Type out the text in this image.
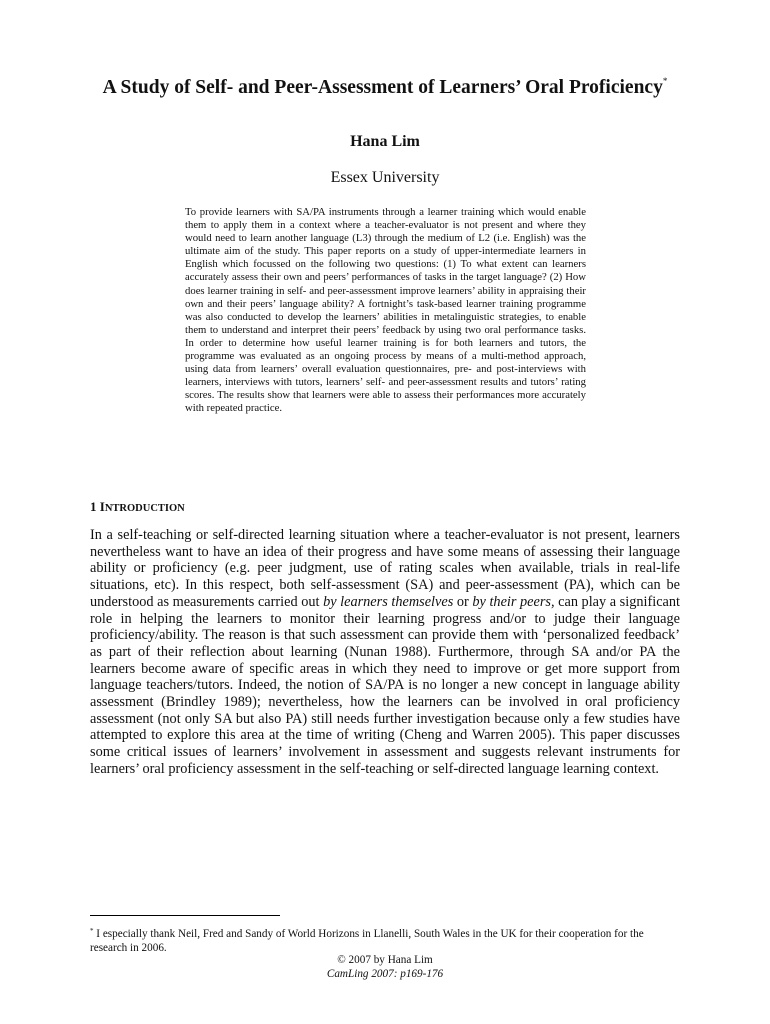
A Study of Self- and Peer-Assessment of Learners’ Oral Proficiency*
Hana Lim
Essex University
To provide learners with SA/PA instruments through a learner training which would enable them to apply them in a context where a teacher-evaluator is not present and where they would need to learn another language (L3) through the medium of L2 (i.e. English) was the ultimate aim of the study. This paper reports on a study of upper-intermediate learners in English which focussed on the following two questions: (1) To what extent can learners accurately assess their own and peers’ performances of tasks in the target language? (2) How does learner training in self- and peer-assessment improve learners’ ability in appraising their own and their peers’ language ability? A fortnight’s task-based learner training programme was also conducted to develop the learners’ abilities in metalinguistic strategies, to enable them to understand and interpret their peers’ feedback by using two oral performance tasks. In order to determine how useful learner training is for both learners and tutors, the programme was evaluated as an ongoing process by means of a multi-method approach, using data from learners’ overall evaluation questionnaires, pre- and post-interviews with learners, interviews with tutors, learners’ self- and peer-assessment results and tutors’ rating scores. The results show that learners were able to assess their performances more accurately with repeated practice.
1 INTRODUCTION
In a self-teaching or self-directed learning situation where a teacher-evaluator is not present, learners nevertheless want to have an idea of their progress and have some means of assessing their language ability or proficiency (e.g. peer judgment, use of rating scales when available, trials in real-life situations, etc). In this respect, both self-assessment (SA) and peer-assessment (PA), which can be understood as measurements carried out by learners themselves or by their peers, can play a significant role in helping the learners to monitor their learning progress and/or to judge their language proficiency/ability. The reason is that such assessment can provide them with ‘personalized feedback’ as part of their reflection about learning (Nunan 1988). Furthermore, through SA and/or PA the learners become aware of specific areas in which they need to improve or get more support from language teachers/tutors. Indeed, the notion of SA/PA is no longer a new concept in language ability assessment (Brindley 1989); nevertheless, how the learners can be involved in oral proficiency assessment (not only SA but also PA) still needs further investigation because only a few studies have attempted to explore this area at the time of writing (Cheng and Warren 2005). This paper discusses some critical issues of learners’ involvement in assessment and suggests relevant instruments for learners’ oral proficiency assessment in the self-teaching or self-directed language learning context.
* I especially thank Neil, Fred and Sandy of World Horizons in Llanelli, South Wales in the UK for their cooperation for the research in 2006.
© 2007 by Hana Lim
CamLing 2007: p169-176
